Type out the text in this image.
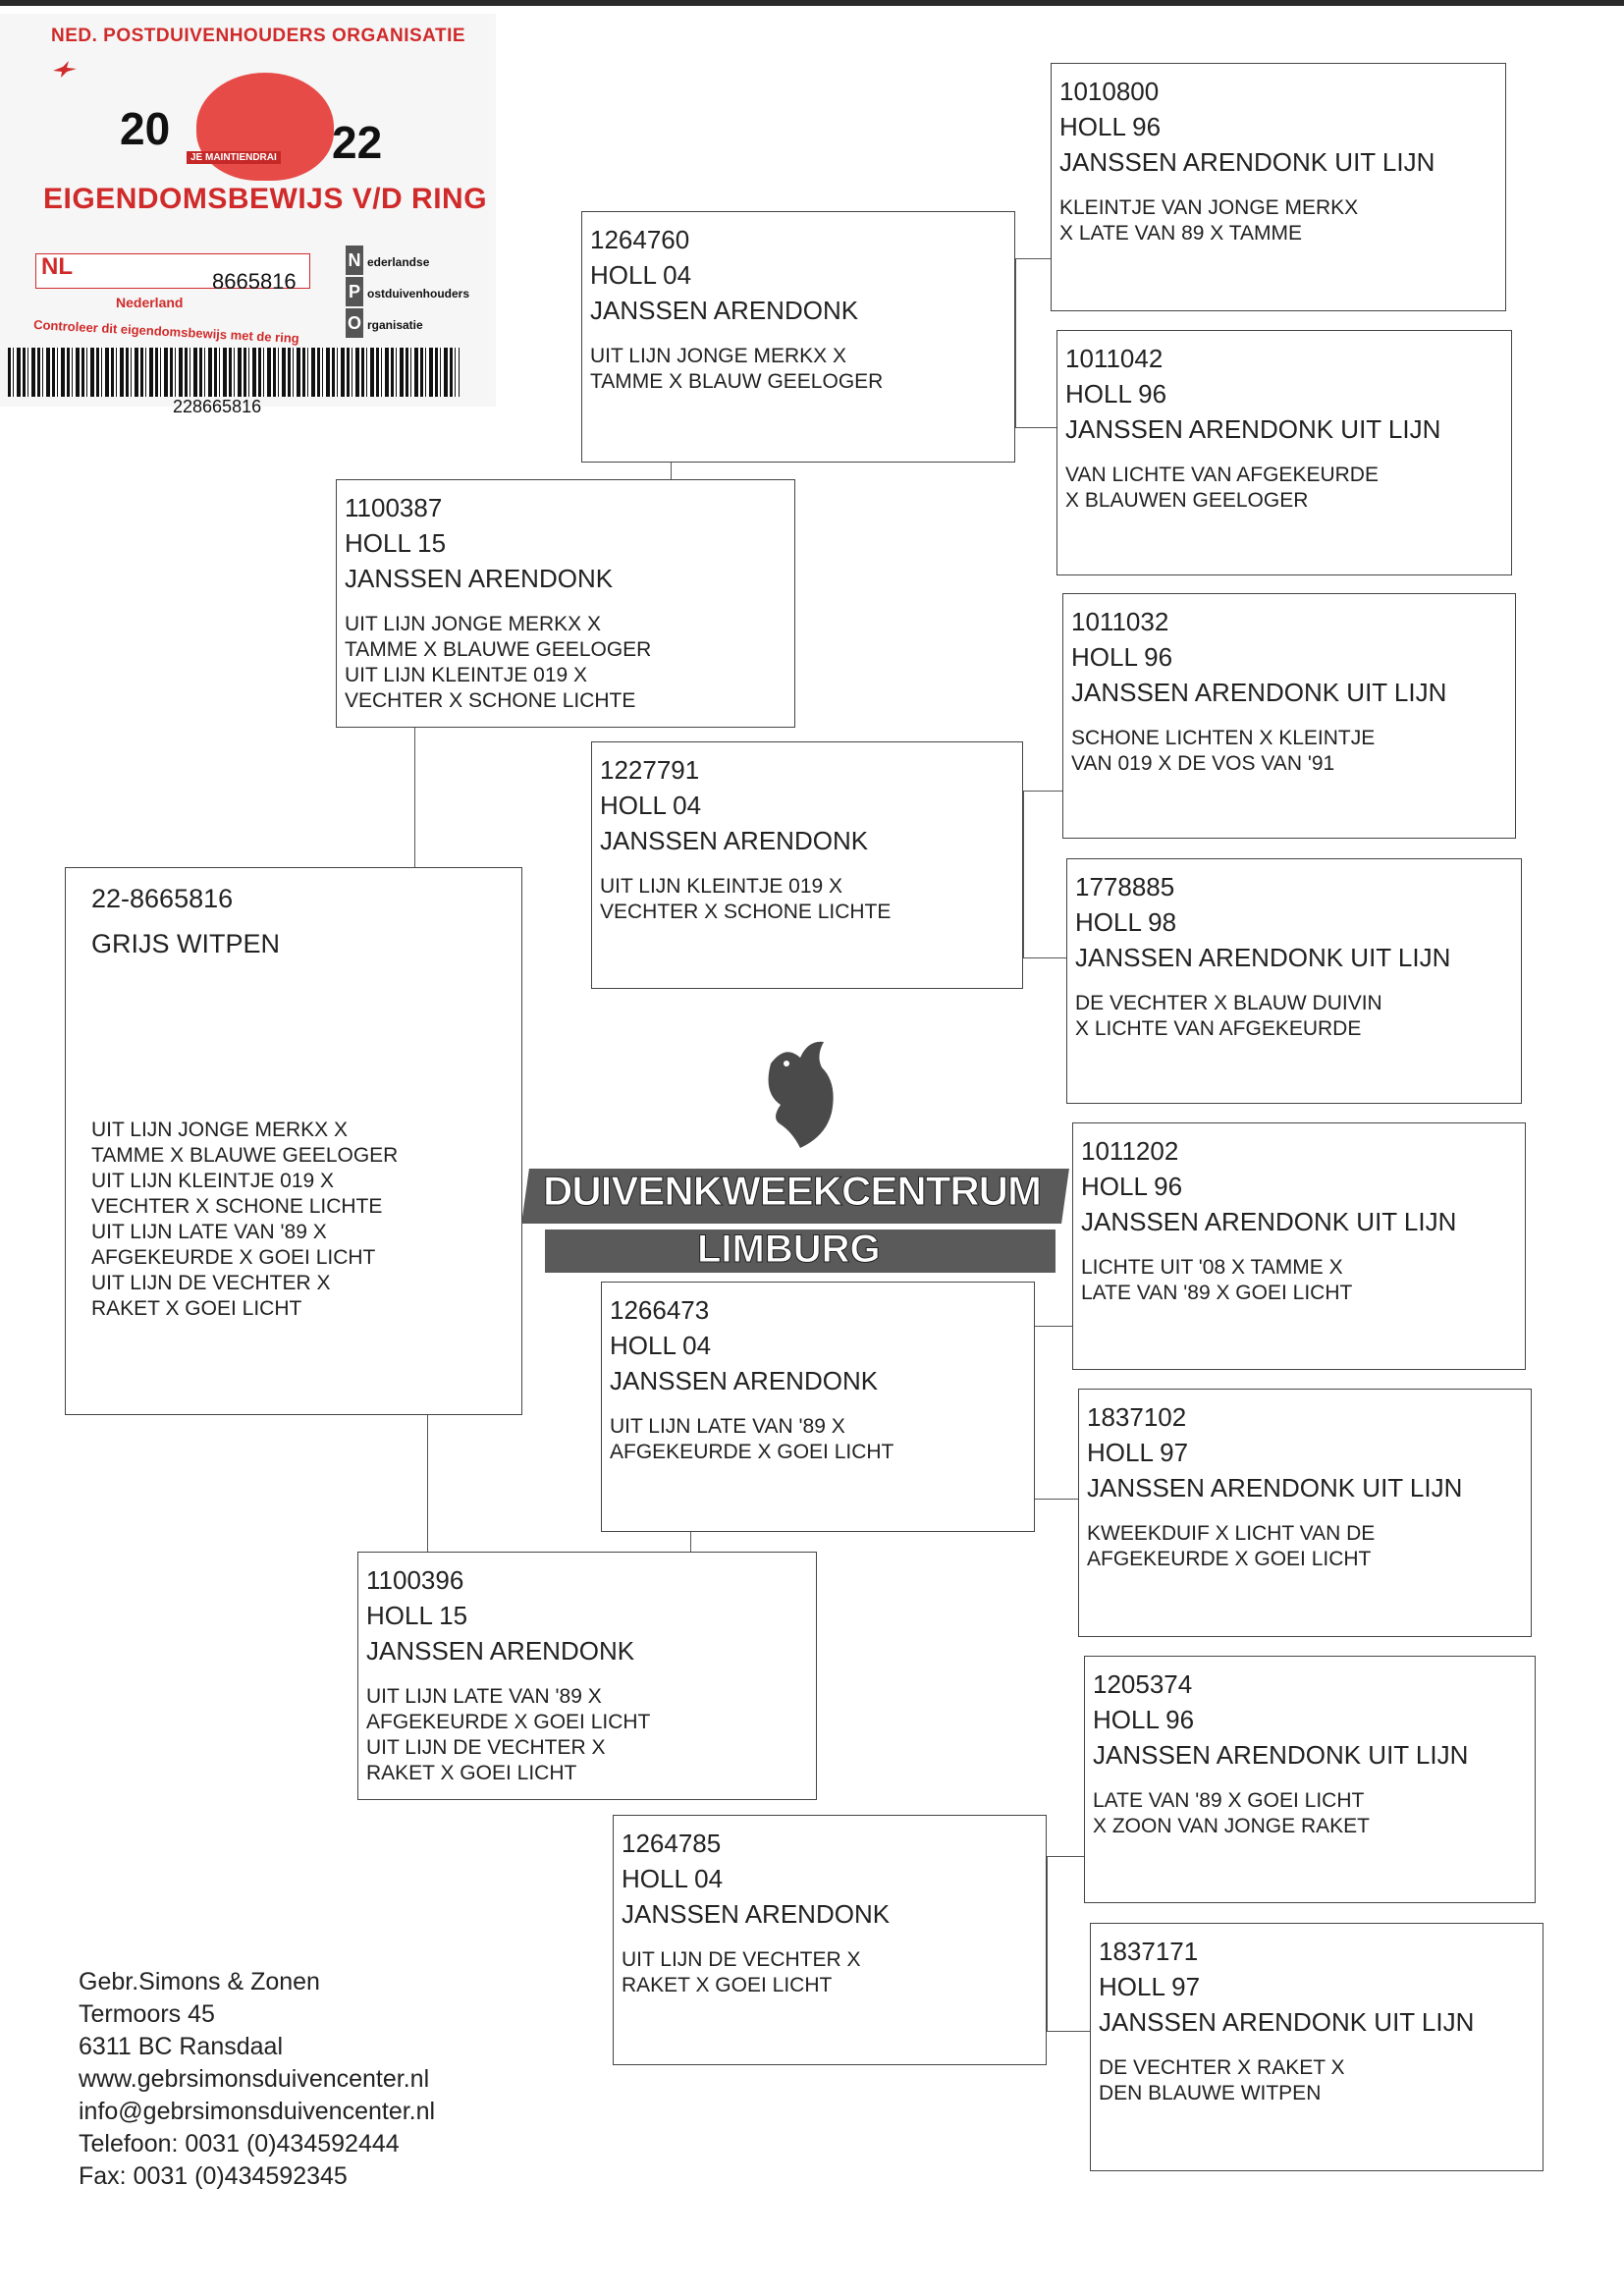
NED. POSTDUIVENHOUDERS ORGANISATIE
20	22
JE MAINTIENDRAI
EIGENDOMSBEWIJS V/D RING
NL
8665816
Nederland
Controleer dit eigendomsbewijs met de ring
N ederlandse
P ostduivenhouders
O rganisatie
228665816
22-8665816
GRIJS WITPEN
UIT LIJN JONGE MERKX X
TAMME X BLAUWE GEELOGER
UIT LIJN KLEINTJE 019 X
VECHTER X SCHONE LICHTE
UIT LIJN LATE VAN '89 X
AFGEKEURDE X GOEI LICHT
UIT LIJN DE VECHTER X
RAKET X GOEI LICHT
1100387
HOLL 15
JANSSEN ARENDONK
UIT LIJN JONGE MERKX X
TAMME X BLAUWE GEELOGER
UIT LIJN KLEINTJE 019 X
VECHTER X SCHONE LICHTE
1100396
HOLL 15
JANSSEN ARENDONK
UIT LIJN LATE VAN '89 X
AFGEKEURDE X GOEI LICHT
UIT LIJN DE VECHTER X
RAKET X GOEI LICHT
1264760
HOLL 04
JANSSEN ARENDONK
UIT LIJN JONGE MERKX X
TAMME X BLAUW GEELOGER
1227791
HOLL 04
JANSSEN ARENDONK
UIT LIJN KLEINTJE 019 X
VECHTER X SCHONE LICHTE
1266473
HOLL 04
JANSSEN ARENDONK
UIT LIJN LATE VAN '89 X
AFGEKEURDE X GOEI LICHT
1264785
HOLL 04
JANSSEN ARENDONK
UIT LIJN DE VECHTER X
RAKET X GOEI LICHT
1010800
HOLL 96
JANSSEN ARENDONK UIT LIJN
KLEINTJE VAN JONGE MERKX
X LATE VAN 89 X TAMME
1011042
HOLL 96
JANSSEN ARENDONK UIT LIJN
VAN LICHTE VAN AFGEKEURDE
X BLAUWEN GEELOGER
1011032
HOLL 96
JANSSEN ARENDONK UIT LIJN
SCHONE LICHTEN X KLEINTJE
VAN 019 X DE VOS VAN '91
1778885
HOLL 98
JANSSEN ARENDONK UIT LIJN
DE VECHTER X BLAUW DUIVIN
X LICHTE VAN AFGEKEURDE
1011202
HOLL 96
JANSSEN ARENDONK UIT LIJN
LICHTE UIT '08 X TAMME X
LATE VAN '89 X GOEI LICHT
1837102
HOLL 97
JANSSEN ARENDONK UIT LIJN
KWEEKDUIF X LICHT VAN DE
AFGEKEURDE X GOEI LICHT
1205374
HOLL 96
JANSSEN ARENDONK UIT LIJN
LATE VAN '89 X GOEI LICHT
X ZOON VAN JONGE RAKET
1837171
HOLL 97
JANSSEN ARENDONK UIT LIJN
DE VECHTER X RAKET X
DEN BLAUWE WITPEN
DUIVENKWEEKCENTRUM
LIMBURG
Gebr.Simons & Zonen
Termoors 45
6311 BC Ransdaal
www.gebrsimonsduivencenter.nl
info@gebrsimonsduivencenter.nl
Telefoon: 0031 (0)434592444
Fax: 0031 (0)434592345
